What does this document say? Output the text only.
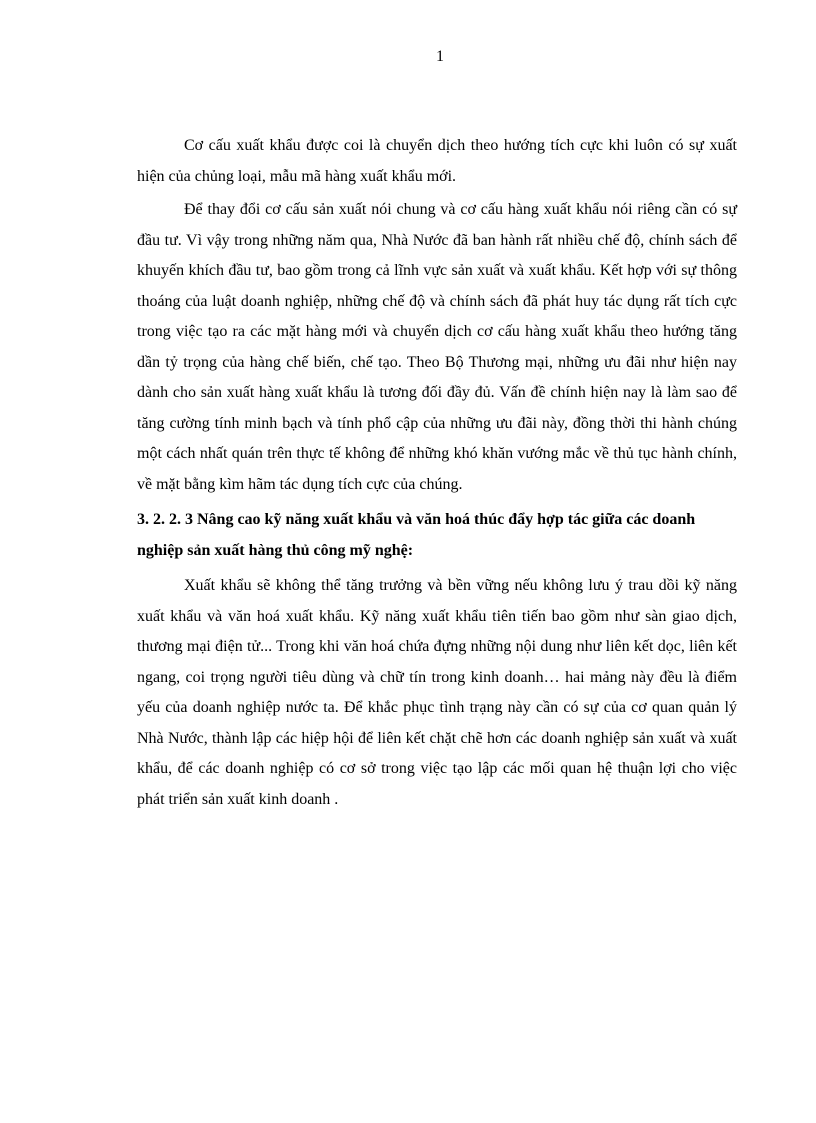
1

Cơ cấu xuất khẩu được coi là chuyển dịch theo hướng tích cực khi luôn có sự xuất hiện của chủng loại, mẫu mã hàng xuất khẩu mới.

Để thay đổi cơ cấu sản xuất nói chung và cơ cấu hàng xuất khẩu nói riêng cần có sự đầu tư. Vì vậy trong những năm qua, Nhà Nước đã ban hành rất nhiều chế độ, chính sách để khuyến khích đầu tư, bao gồm trong cả lĩnh vực sản xuất và xuất khẩu. Kết hợp với sự thông thoáng của luật doanh nghiệp, những chế độ và chính sách đã phát huy tác dụng rất tích cực trong việc tạo ra các mặt hàng mới và chuyển dịch cơ cấu hàng xuất khẩu theo hướng tăng dần tỷ trọng của hàng chế biến, chế tạo. Theo Bộ Thương mại, những ưu đãi như hiện nay dành cho sản xuất hàng xuất khẩu là tương đối đầy đủ. Vấn đề chính hiện nay là làm sao để tăng cường tính minh bạch và tính phổ cập của những ưu đãi này, đồng thời thi hành chúng một cách nhất quán trên thực tế không để những khó khăn vướng mắc về thủ tục hành chính, về mặt bằng kìm hãm tác dụng tích cực của chúng.

3. 2. 2. 3 Nâng cao kỹ năng xuất khẩu và văn hoá thúc đẩy hợp tác giữa các doanh nghiệp sản xuất hàng thủ công mỹ nghệ:

Xuất khẩu sẽ không thể tăng trưởng và bền vững nếu không lưu ý trau dồi kỹ năng xuất khẩu và văn hoá xuất khẩu. Kỹ năng xuất khẩu tiên tiến bao gồm như sàn giao dịch, thương mại điện tử... Trong khi văn hoá chứa đựng những nội dung như liên kết dọc, liên kết ngang, coi trọng người tiêu dùng và chữ tín trong kinh doanh… hai mảng này đều là điểm yếu của doanh nghiệp nước ta. Để khắc phục tình trạng này cần có sự của cơ quan quản lý Nhà Nước, thành lập các hiệp hội để liên kết chặt chẽ hơn các doanh nghiệp sản xuất và xuất khẩu, để các doanh nghiệp có cơ sở trong việc tạo lập các mối quan hệ thuận lợi cho việc phát triển sản xuất kinh doanh .
